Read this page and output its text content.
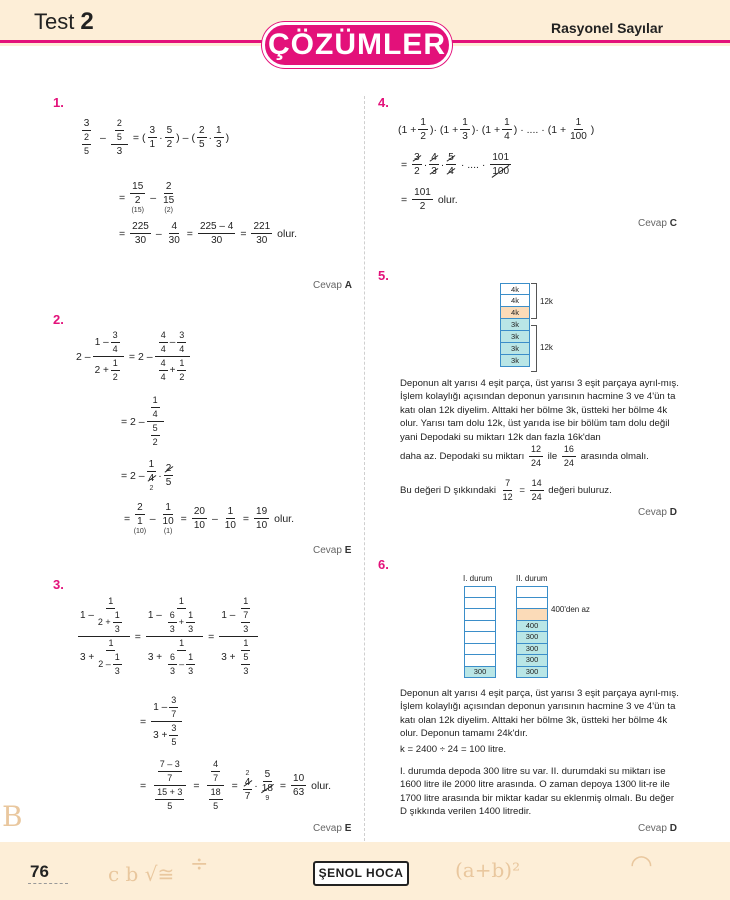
Test 2
ÇÖZÜMLER	Rasyonel Sayılar
1.
3
$\frac{2}{5} - \frac{\frac{2}{5}}{3}$ = ( $\frac{3}{1}$ ·
5
2
) – (
2
5
·
1
3
)
=
15
2
(15)
–
2
15
(2)
= $\frac{225}{30} - \frac{4}{30} = \frac{225 - 4}{30} = \frac{221}{30}$ olur.
Cevap A
2.
$2 - \frac{1 - \frac{3}{4}}{2 + \frac{1}{2}} = 2$ –
$\frac{4}{4} - \frac{3}{4}$
$\frac{4}{4} + \frac{1}{2}$
= 2 –
$\frac{1}{4}$
$\frac{5}{2}$
= 2 –
1
4
2
·
2
5
=
2
1
(10)
–
1
10
(1)
= $\frac{20}{10} - \frac{1}{10} = \frac{19}{10}$ olur.
Cevap E
3.
$\frac{1 - \frac{1}{2 + \frac{1}{3}}}{3 + \frac{1}{2 - \frac{1}{3}}} = \frac{1 - \frac{1}{\frac{6}{3} + \frac{1}{3}}}{3 + \frac{1}{\frac{6}{3} - \frac{1}{3}}} = \frac{1 - \frac{1}{\frac{7}{3}}}{3 + \frac{1}{\frac{5}{3}}}$
= $\frac{1 - \frac{3}{7}}{3 + \frac{3}{5}}$
= $\frac{\frac{7 - 3}{7}}{\frac{15 + 3}{5}} = \frac{\frac{4}{7}}{\frac{18}{5}}$ =
2
4
7
·
5
18
9
= $\frac{10}{63}$ olur.
Cevap E
4.
( $1 + \frac{1}{2}$ )· ( $1 + \frac{1}{3}$ )· ( $1 + \frac{1}{4}$ ) · .... · ( $1 + \frac{1}{100}$ )
= $\frac{3}{2}$ ·
4
3
·
5
4
· .... ·
101
100
= $\frac{101}{2}$ olur.
Cevap C
5.
4k
4k
4k
3k
3k
3k
3k
12k
12k
Deponun alt yarısı 4 eşit parça, üst yarısı 3 eşit parçaya ayrıl-mış. İşlem kolaylığı açısından deponun yarısının hacmine 3 ve 4'ün ta katı olan 12k diyelim. Alttaki her bölme 3k, üstteki her bölme 4k olur. Yarısı tam dolu 12k, üst yarıda ise bir bölüm tam dolu değil yani Depodaki su miktarı 12k dan fazla 16k'dan daha az. Depodaki su miktarı $\frac{12}{24}$ ile $\frac{16}{24}$ arasında olmalı.
Bu değeri D şıkkındaki $\frac{7}{12} = \frac{14}{24}$ değeri buluruz.
Cevap D
6.
I. durum	II. durum
300
400
300
300
300
300
400'den az
Deponun alt yarısı 4 eşit parça, üst yarısı 3 eşit parçaya ayrıl-mış. İşlem kolaylığı açısından deponun yarısının hacmine 3 ve 4'ün ta katı olan 12k diyelim. Alttaki her bölme 3k, üstteki her bölme 4k olur. Deponun tamamı 24k'dır.
k = 2400 ÷ 24 = 100 litre.
I. durumda depoda 300 litre su var. II. durumdaki su miktarı ise 1600 litre ile 2000 litre arasında. O zaman depoya 1300 lit-re ile 1700 litre arasında bir miktar kadar su eklenmiş olmalı. Bu değer D şıkkında verilen 1400 litredir.
Cevap D
B
c b √≅ ÷	(a+b)²	◠
76	ŞENOL HOCA
